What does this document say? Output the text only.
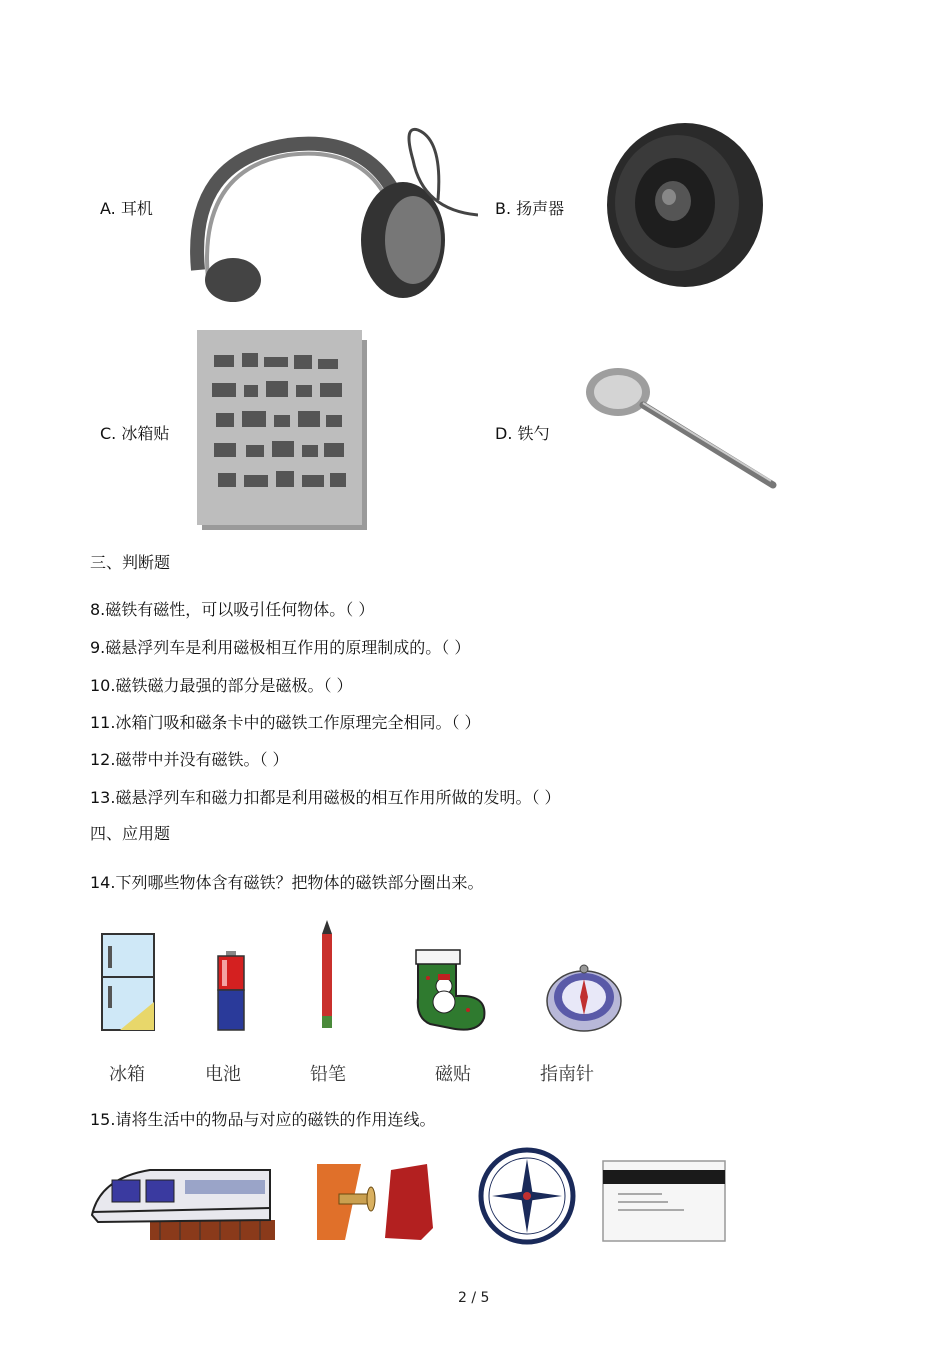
A. 耳机	B. 扬声器
C. 冰箱贴	D. 铁勺
三、判断题
8.磁铁有磁性，可以吸引任何物体。（ ）
9.磁悬浮列车是利用磁极相互作用的原理制成的。（ ）
10.磁铁磁力最强的部分是磁极。（ ）
11.冰箱门吸和磁条卡中的磁铁工作原理完全相同。（ ）
12.磁带中并没有磁铁。（ ）
13.磁悬浮列车和磁力扣都是利用磁极的相互作用所做的发明。（ ）
四、应用题
14.下列哪些物体含有磁铁？把物体的磁铁部分圈出来。
冰箱	电池	铅笔	磁贴	指南针
15.请将生活中的物品与对应的磁铁的作用连线。
2 / 5
